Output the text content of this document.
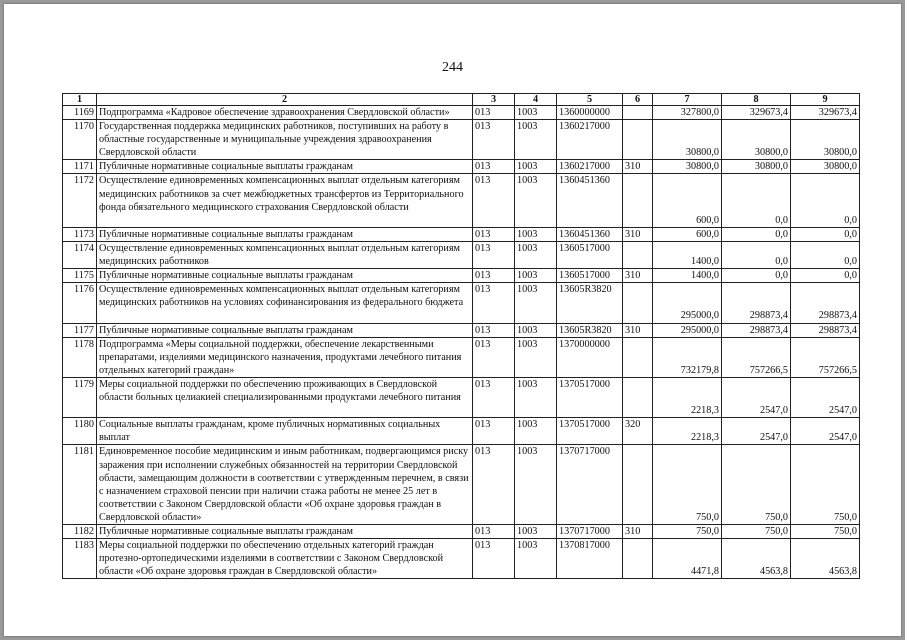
244
1	2	3	4	5	6	7	8	9
1169	Подпрограмма «Кадровое обеспечение здравоохранения Свердловской области»	013	1003	1360000000		327800,0	329673,4	329673,4
1170	Государственная поддержка медицинских работников, поступивших на работу в областные государственные и муниципальные учреждения здравоохранения Свердловской области	013	1003	1360217000		30800,0	30800,0	30800,0
1171	Публичные нормативные социальные выплаты гражданам	013	1003	1360217000	310	30800,0	30800,0	30800,0
1172	Осуществление единовременных компенсационных выплат отдельным категориям медицинских работников за счет межбюджетных трансфертов из Территориального фонда обязательного медицинского страхования Свердловской области	013	1003	1360451360		600,0	0,0	0,0
1173	Публичные нормативные социальные выплаты гражданам	013	1003	1360451360	310	600,0	0,0	0,0
1174	Осуществление единовременных компенсационных выплат отдельным категориям медицинских работников	013	1003	1360517000		1400,0	0,0	0,0
1175	Публичные нормативные социальные выплаты гражданам	013	1003	1360517000	310	1400,0	0,0	0,0
1176	Осуществление единовременных компенсационных выплат отдельным категориям медицинских работников на условиях софинансирования из федерального бюджета	013	1003	13605R3820		295000,0	298873,4	298873,4
1177	Публичные нормативные социальные выплаты гражданам	013	1003	13605R3820	310	295000,0	298873,4	298873,4
1178	Подпрограмма «Меры социальной поддержки, обеспечение лекарственными препаратами, изделиями медицинского назначения, продуктами лечебного питания отдельных категорий граждан»	013	1003	1370000000		732179,8	757266,5	757266,5
1179	Меры социальной поддержки по обеспечению проживающих в Свердловской области больных целиакией специализированными продуктами лечебного питания	013	1003	1370517000		2218,3	2547,0	2547,0
1180	Социальные выплаты гражданам, кроме публичных нормативных социальных выплат	013	1003	1370517000	320	2218,3	2547,0	2547,0
1181	Единовременное пособие медицинским и иным работникам, подвергающимся риску заражения при исполнении служебных обязанностей на территории Свердловской области, замещающим должности в соответствии с утвержденным перечнем, в связи с назначением страховой пенсии при наличии стажа работы не менее 25 лет в соответствии с Законом Свердловской области «Об охране здоровья граждан в Свердловской области»	013	1003	1370717000		750,0	750,0	750,0
1182	Публичные нормативные социальные выплаты гражданам	013	1003	1370717000	310	750,0	750,0	750,0
1183	Меры социальной поддержки по обеспечению отдельных категорий граждан протезно-ортопедическими изделиями в соответствии с Законом Свердловской области «Об охране здоровья граждан в Свердловской области»	013	1003	1370817000		4471,8	4563,8	4563,8
